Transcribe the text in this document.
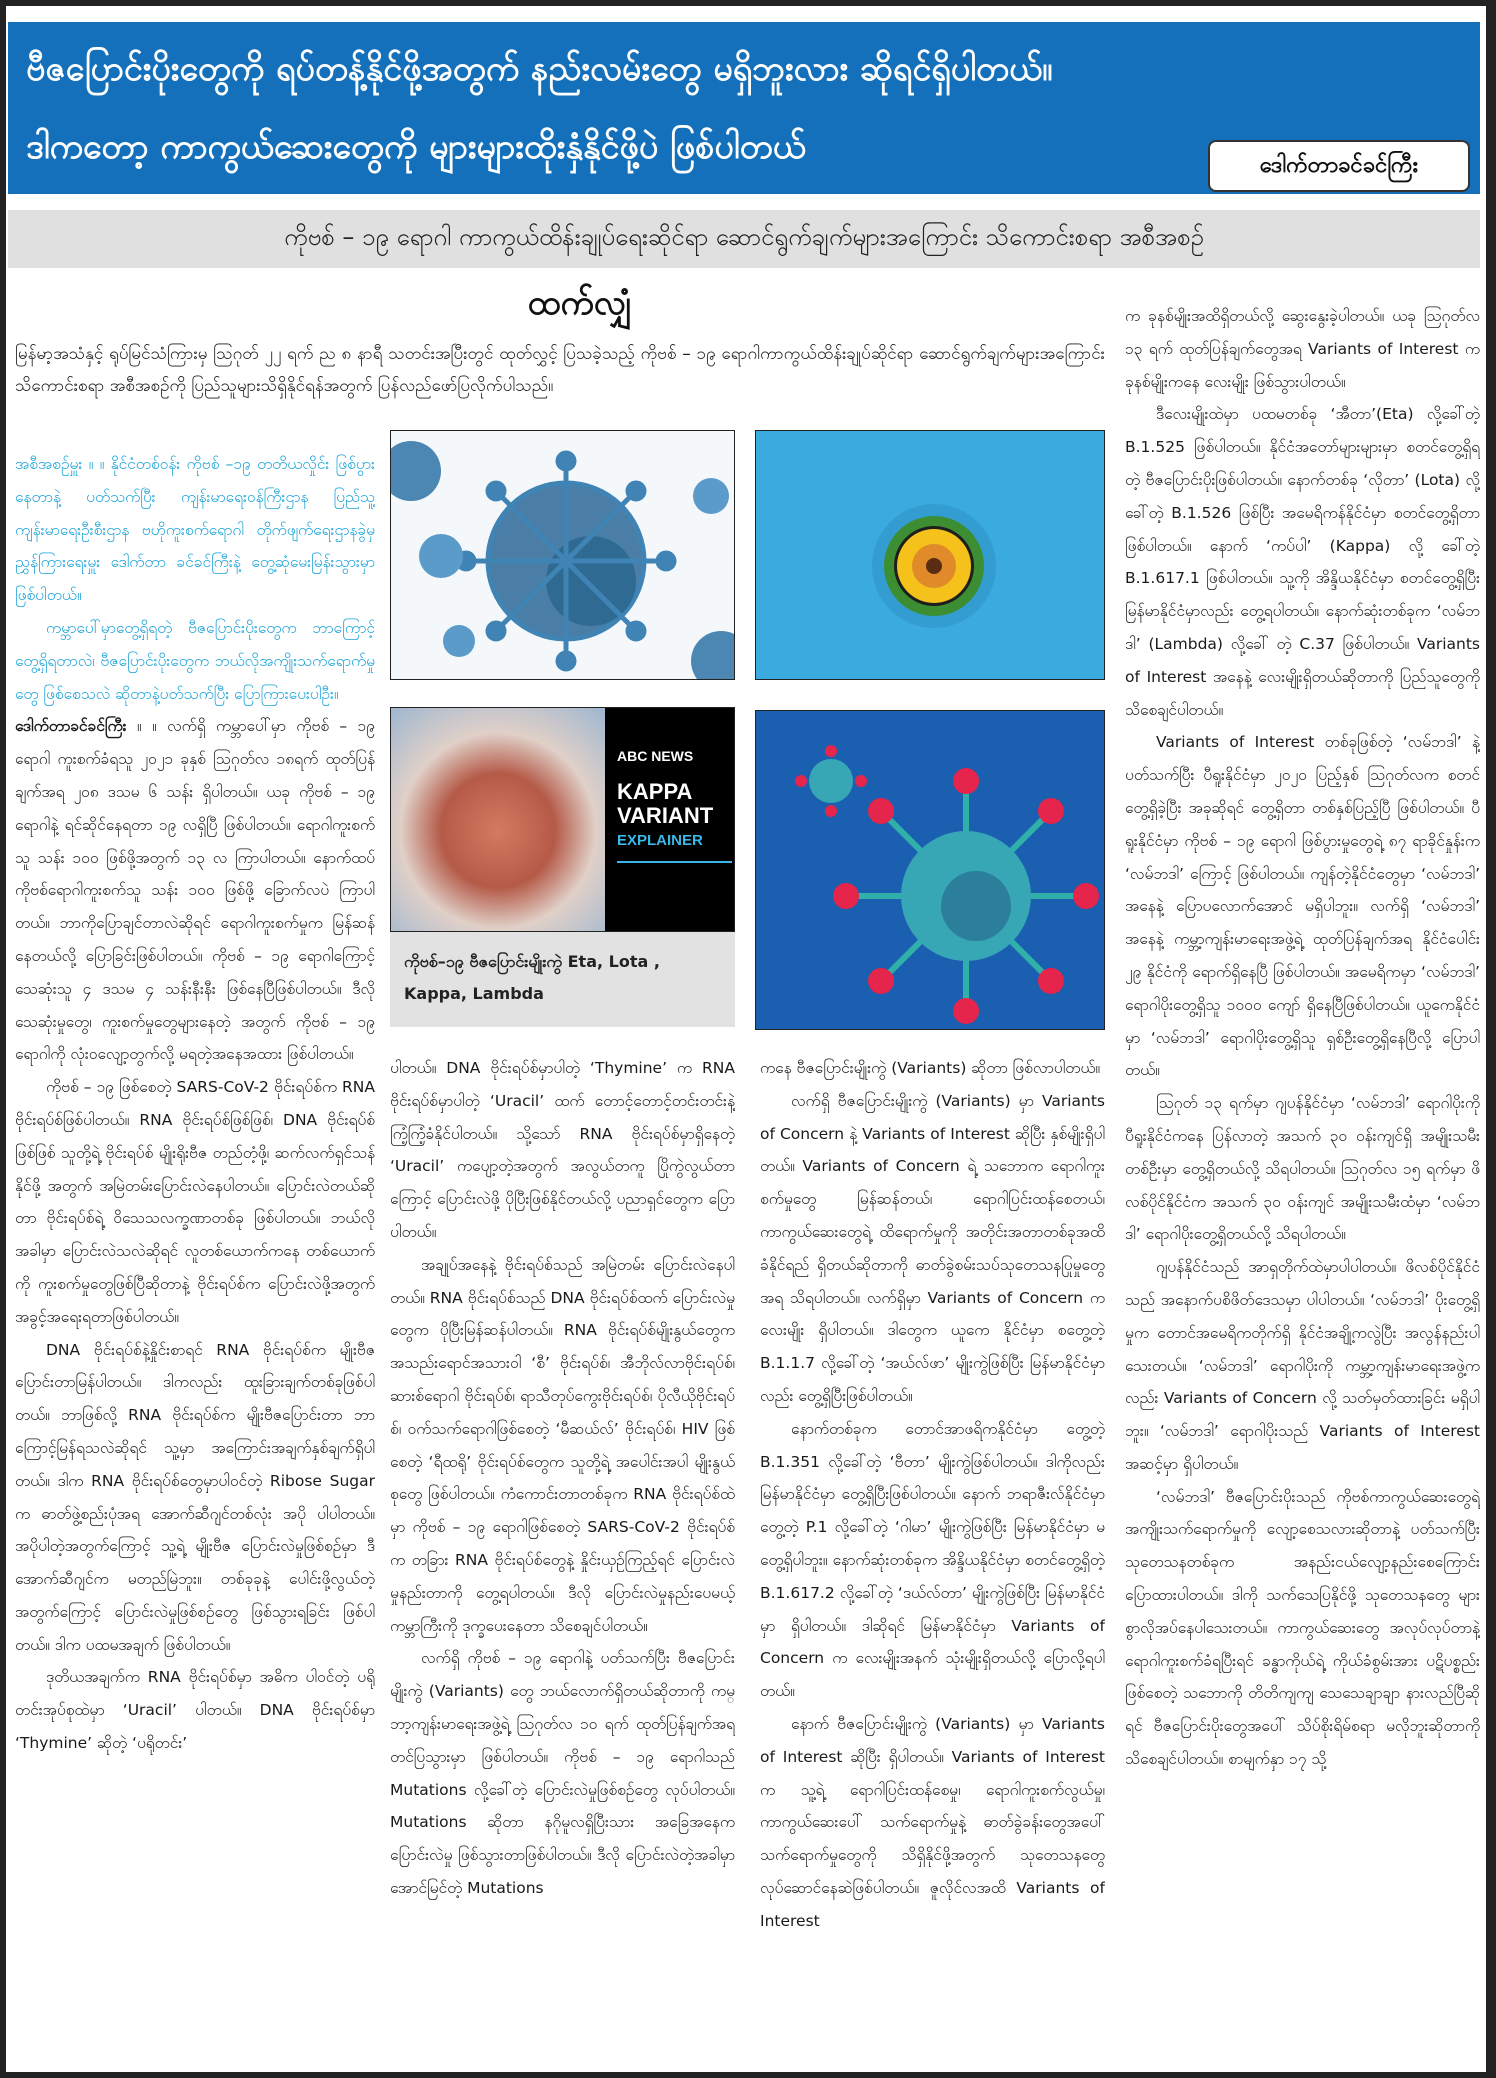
ဗီဇပြောင်းပိုးတွေကို ရပ်တန့်နိုင်ဖို့အတွက် နည်းလမ်းတွေ မရှိဘူးလား ဆိုရင်ရှိပါတယ်။
ဒါကတော့ ကာကွယ်ဆေးတွေကို များများထိုးနှံနိုင်ဖို့ပဲ ဖြစ်ပါတယ်	ဒေါက်တာခင်ခင်ကြီး
ကိုဗစ် – ၁၉ ရောဂါ ကာကွယ်ထိန်းချုပ်ရေးဆိုင်ရာ ဆောင်ရွက်ချက်များအကြောင်း သိကောင်းစရာ အစီအစဉ်
ထက်လျှံ
မြန်မာ့အသံနှင့် ရုပ်မြင်သံကြားမှ ဩဂုတ် ၂၂ ရက် ည ၈ နာရီ သတင်းအပြီးတွင် ထုတ်လွှင့် ပြသခဲ့သည့် ကိုဗစ် – ၁၉ ရောဂါကာကွယ်ထိန်းချုပ်ဆိုင်ရာ ဆောင်ရွက်ချက်များအကြောင်း သိကောင်းစရာ အစီအစဉ်ကို ပြည်သူများသိရှိနိုင်ရန်အတွက် ပြန်လည်ဖော်ပြလိုက်ပါသည်။

အစီအစဉ်မှူး ။ ။ နိုင်ငံတစ်ဝန်း ကိုဗစ် –၁၉ တတိယလှိုင်း ဖြစ်ပွားနေတာနဲ့ ပတ်သက်ပြီး ကျန်းမာရေးဝန်ကြီးဌာန ပြည်သူ့ကျန်းမာရေးဦးစီးဌာန ဗဟိုကူးစက်ရောဂါ တိုက်ဖျက်ရေးဌာနခွဲမှ ညွှန်ကြားရေးမှူး ဒေါက်တာ ခင်ခင်ကြီးနဲ့ တွေ့ဆုံမေးမြန်းသွားမှာ ဖြစ်ပါတယ်။

ကမ္ဘာပေါ်မှာတွေ့ရှိရတဲ့ ဗီဇပြောင်းပိုးတွေက ဘာကြောင့်တွေ့ရှိရတာလဲ၊ ဗီဇပြောင်းပိုးတွေက ဘယ်လိုအကျိုးသက်ရောက်မှုတွေ ဖြစ်စေသလဲ ဆိုတာနဲ့ပတ်သက်ပြီး ပြောကြားပေးပါဦး။

ဒေါက်တာခင်ခင်ကြီး ။ ။ လက်ရှိ ကမ္ဘာပေါ်မှာ ကိုဗစ် – ၁၉ ရောဂါ ကူးစက်ခံရသူ ၂၀၂၁ ခုနှစ် ဩဂုတ်လ ၁၈ရက် ထုတ်ပြန်ချက်အရ ၂၀၈ ဒသမ ၆ သန်း ရှိပါတယ်။ ယခု ကိုဗစ် – ၁၉ ရောဂါနဲ့ ရင်ဆိုင်နေရတာ ၁၉ လရှိပြီ ဖြစ်ပါတယ်။ ရောဂါကူးစက်သူ သန်း ၁၀၀ ဖြစ်ဖို့အတွက် ၁၃ လ ကြာပါတယ်။ နောက်ထပ် ကိုဗစ်ရောဂါကူးစက်သူ သန်း ၁၀၀ ဖြစ်ဖို့ ခြောက်လပဲ ကြာပါတယ်။ ဘာကိုပြောချင်တာလဲဆိုရင် ရောဂါကူးစက်မှုက မြန်ဆန်နေတယ်လို့ ပြောခြင်းဖြစ်ပါတယ်။ ကိုဗစ် – ၁၉ ရောဂါကြောင့် သေဆုံးသူ ၄ ဒသမ ၄ သန်းနီးနီး ဖြစ်နေပြီဖြစ်ပါတယ်။ ဒီလို သေဆုံးမှုတွေ၊ ကူးစက်မှုတွေများနေတဲ့ အတွက် ကိုဗစ် – ၁၉ ရောဂါကို လုံးဝလျော့တွက်လို့ မရတဲ့အနေအထား ဖြစ်ပါတယ်။

ကိုဗစ် – ၁၉ ဖြစ်စေတဲ့ SARS-CoV-2 ဗိုင်းရပ်စ်က RNA ဗိုင်းရပ်စ်ဖြစ်ပါတယ်။ RNA ဗိုင်းရပ်စ်ဖြစ်ဖြစ်၊ DNA ဗိုင်းရပ်စ်ဖြစ်ဖြစ် သူတို့ရဲ့ ဗိုင်းရပ်စ် မျိုးရိုးဗီဇ တည်တံ့ဖို့၊ ဆက်လက်ရှင်သန်နိုင်ဖို့ အတွက် အမြဲတမ်းပြောင်းလဲနေပါတယ်။ ပြောင်းလဲတယ်ဆိုတာ ဗိုင်းရပ်စ်ရဲ့ ဝိသေသလက္ခဏာတစ်ခု ဖြစ်ပါတယ်။ ဘယ်လိုအခါမှာ ပြောင်းလဲသလဲဆိုရင် လူတစ်ယောက်ကနေ တစ်ယောက်ကို ကူးစက်မှုတွေဖြစ်ပြီဆိုတာနဲ့ ဗိုင်းရပ်စ်က ပြောင်းလဲဖို့အတွက် အခွင့်အရေးရတာဖြစ်ပါတယ်။

DNA ဗိုင်းရပ်စ်နဲ့နှိုင်းစာရင် RNA ဗိုင်းရပ်စ်က မျိုးဗီဇပြောင်းတာမြန်ပါတယ်။ ဒါကလည်း ထူးခြားချက်တစ်ခုဖြစ်ပါတယ်။ ဘာဖြစ်လို့ RNA ဗိုင်းရပ်စ်က မျိုးဗီဇပြောင်းတာ ဘာကြောင့်မြန်ရသလဲဆိုရင် သူ့မှာ အကြောင်းအချက်နှစ်ချက်ရှိပါတယ်။ ဒါက RNA ဗိုင်းရပ်စ်တွေမှာပါဝင်တဲ့ Ribose Sugar က ဓာတ်ဖွဲ့စည်းပုံအရ အောက်ဆီဂျင်တစ်လုံး အပို ပါပါတယ်။ အပိုပါတဲ့အတွက်ကြောင့် သူ့ရဲ့ မျိုးဗီဇ ပြောင်းလဲမှုဖြစ်စဉ်မှာ ဒီအောက်ဆီဂျင်က မတည်မြဲဘူး။ တစ်ခုခုနဲ့ ပေါင်းဖို့လွယ်တဲ့အတွက်ကြောင့် ပြောင်းလဲမှုဖြစ်စဉ်တွေ ဖြစ်သွားရခြင်း ဖြစ်ပါတယ်။ ဒါက ပထမအချက် ဖြစ်ပါတယ်။

ဒုတိယအချက်က RNA ဗိုင်းရပ်စ်မှာ အဓိက ပါဝင်တဲ့ ပရိုတင်းအုပ်စုထဲမှာ ‘Uracil’ ပါတယ်။ DNA ဗိုင်းရပ်စ်မှာ ‘Thymine’ ဆိုတဲ့ ‘ပရိုတင်း’

ABC NEWS
KAPPA
VARIANT
EXPLAINER
ကိုဗစ်–၁၉ ဗီဇပြောင်းမျိုးကွဲ Eta, Lota , Kappa, Lambda

ပါတယ်။ DNA ဗိုင်းရပ်စ်မှာပါတဲ့ ‘Thymine’ က RNA ဗိုင်းရပ်စ်မှာပါတဲ့ ‘Uracil’ ထက် တောင့်တောင့်တင်းတင်းနဲ့ ကြံ့ကြံ့ခံနိုင်ပါတယ်။ သို့သော် RNA ဗိုင်းရပ်စ်မှာရှိနေတဲ့ ‘Uracil’ ကပျော့တဲ့အတွက် အလွယ်တကူ ပြိုကွဲလွယ်တာကြောင့် ပြောင်းလဲဖို့ ပိုပြီးဖြစ်နိုင်တယ်လို့ ပညာရှင်တွေက ပြောပါတယ်။

အချုပ်အနေနဲ့ ဗိုင်းရပ်စ်သည် အမြဲတမ်း ပြောင်းလဲနေပါတယ်။ RNA ဗိုင်းရပ်စ်သည် DNA ဗိုင်းရပ်စ်ထက် ပြောင်းလဲမှုတွေက ပိုပြီးမြန်ဆန်ပါတယ်။ RNA ဗိုင်းရပ်စ်မျိုးနွယ်တွေက အသည်းရောင်အသားဝါ ‘စီ’ ဗိုင်းရပ်စ်၊ အီဘိုလ်လာဗိုင်းရပ်စ်၊ ဆားစ်ရောဂါ ဗိုင်းရပ်စ်၊ ရာသီတုပ်ကွေးဗိုင်းရပ်စ်၊ ပိုလီယိုဗိုင်းရပ်စ်၊ ဝက်သက်ရောဂါဖြစ်စေတဲ့ ‘မီဆယ်လ်’ ဗိုင်းရပ်စ်၊ HIV ဖြစ်စေတဲ့ ‘ရီထရို’ ဗိုင်းရပ်စ်တွေက သူတို့ရဲ့ အပေါင်းအပါ မျိုးနွယ်စုတွေ ဖြစ်ပါတယ်။ ကံကောင်းတာတစ်ခုက RNA ဗိုင်းရပ်စ်ထဲမှာ ကိုဗစ် – ၁၉ ရောဂါဖြစ်စေတဲ့ SARS-CoV-2 ဗိုင်းရပ်စ်က တခြား RNA ဗိုင်းရပ်စ်တွေနဲ့ နှိုင်းယှဉ်ကြည့်ရင် ပြောင်းလဲမှုနည်းတာကို တွေ့ရပါတယ်။ ဒီလို ပြောင်းလဲမှုနည်းပေမယ့် ကမ္ဘာကြီးကို ဒုက္ခပေးနေတာ သိစေချင်ပါတယ်။

လက်ရှိ ကိုဗစ် – ၁၉ ရောဂါနဲ့ ပတ်သက်ပြီး ဗီဇပြောင်းမျိုးကွဲ (Variants) တွေ ဘယ်လောက်ရှိတယ်ဆိုတာကို ကမ္ဘာ့ကျန်းမာရေးအဖွဲ့ရဲ့ ဩဂုတ်လ ၁၀ ရက် ထုတ်ပြန်ချက်အရ တင်ပြသွားမှာ ဖြစ်ပါတယ်။ ကိုဗစ် – ၁၉ ရောဂါသည် Mutations လို့ခေါ်တဲ့ ပြောင်းလဲမှုဖြစ်စဉ်တွေ လုပ်ပါတယ်။ Mutations ဆိုတာ နဂိုမူလရှိပြီးသား အခြေအနေက ပြောင်းလဲမှု ဖြစ်သွားတာဖြစ်ပါတယ်။ ဒီလို ပြောင်းလဲတဲ့အခါမှာ အောင်မြင်တဲ့ Mutations

ကနေ ဗီဇပြောင်းမျိုးကွဲ (Variants) ဆိုတာ ဖြစ်လာပါတယ်။

လက်ရှိ ဗီဇပြောင်းမျိုးကွဲ (Variants) မှာ Variants of Concern နဲ့ Variants of Interest ဆိုပြီး နှစ်မျိုးရှိပါတယ်။ Variants of Concern ရဲ့ သဘောက ရောဂါကူးစက်မှုတွေ မြန်ဆန်တယ်၊ ရောဂါပြင်းထန်စေတယ်၊ ကာကွယ်ဆေးတွေရဲ့ ထိရောက်မှုကို အတိုင်းအတာတစ်ခုအထိ ခံနိုင်ရည် ရှိတယ်ဆိုတာကို ဓာတ်ခွဲစမ်းသပ်သုတေသနပြုမှုတွေအရ သိရပါတယ်။ လက်ရှိမှာ Variants of Concern က လေးမျိုး ရှိပါတယ်။ ဒါတွေက ယူကေ နိုင်ငံမှာ စတွေ့တဲ့ B.1.1.7 လို့ခေါ်တဲ့ ‘အယ်လ်ဖာ’ မျိုးကွဲဖြစ်ပြီး မြန်မာနိုင်ငံမှာလည်း တွေ့ရှိပြီးဖြစ်ပါတယ်။

နောက်တစ်ခုက တောင်အာဖရိကနိုင်ငံမှာ တွေ့တဲ့ B.1.351 လို့ခေါ်တဲ့ ‘ဗီတာ’ မျိုးကွဲဖြစ်ပါတယ်။ ဒါကိုလည်း မြန်မာနိုင်ငံမှာ တွေ့ရှိပြီးဖြစ်ပါတယ်။ နောက် ဘရာဇီးလ်နိုင်ငံမှာတွေ့တဲ့ P.1 လို့ခေါ်တဲ့ ‘ဂါမာ’ မျိုးကွဲဖြစ်ပြီး မြန်မာနိုင်ငံမှာ မတွေ့ရှိပါဘူး။ နောက်ဆုံးတစ်ခုက အိန္ဒိယနိုင်ငံမှာ စတင်တွေ့ရှိတဲ့ B.1.617.2 လို့ခေါ်တဲ့ ‘ဒယ်လ်တာ’ မျိုးကွဲဖြစ်ပြီး မြန်မာနိုင်ငံမှာ ရှိပါတယ်။ ဒါဆိုရင် မြန်မာနိုင်ငံမှာ Variants of Concern က လေးမျိုးအနက် သုံးမျိုးရှိတယ်လို့ ပြောလို့ရပါတယ်။

နောက် ဗီဇပြောင်းမျိုးကွဲ (Variants) မှာ Variants of Interest ဆိုပြီး ရှိပါတယ်။ Variants of Interest က သူ့ရဲ့ ရောဂါပြင်းထန်စေမှု၊ ရောဂါကူးစက်လွယ်မှု၊ ကာကွယ်ဆေးပေါ် သက်ရောက်မှုနဲ့ ဓာတ်ခွဲခန်းတွေအပေါ် သက်ရောက်မှုတွေကို သိရှိနိုင်ဖို့အတွက် သုတေသနတွေ လုပ်ဆောင်နေဆဲဖြစ်ပါတယ်။ ဇူလိုင်လအထိ Variants of Interest

က ခုနစ်မျိုးအထိရှိတယ်လို့ ဆွေးနွေးခဲ့ပါတယ်။ ယခု ဩဂုတ်လ ၁၃ ရက် ထုတ်ပြန်ချက်တွေအရ Variants of Interest က ခုနစ်မျိုးကနေ လေးမျိုး ဖြစ်သွားပါတယ်။

ဒီလေးမျိုးထဲမှာ ပထမတစ်ခု ‘အီတာ’(Eta) လို့ခေါ်တဲ့ B.1.525 ဖြစ်ပါတယ်။ နိုင်ငံအတော်များများမှာ စတင်တွေ့ရှိရတဲ့ ဗီဇပြောင်းပိုးဖြစ်ပါတယ်။ နောက်တစ်ခု ‘လိုတာ’ (Lota) လို့ခေါ်တဲ့ B.1.526 ဖြစ်ပြီး အမေရိကန်နိုင်ငံမှာ စတင်တွေ့ရှိတာ ဖြစ်ပါတယ်။ နောက် ‘ကပ်ပါ’ (Kappa) လို့ ခေါ်တဲ့ B.1.617.1 ဖြစ်ပါတယ်။ သူ့ကို အိန္ဒိယနိုင်ငံမှာ စတင်တွေ့ရှိပြီး မြန်မာနိုင်ငံမှာလည်း တွေ့ရပါတယ်။ နောက်ဆုံးတစ်ခုက ‘လမ်ဘဒါ’ (Lambda) လို့ခေါ် တဲ့ C.37 ဖြစ်ပါတယ်။ Variants of Interest အနေနဲ့ လေးမျိုးရှိတယ်ဆိုတာကို ပြည်သူတွေကို သိစေချင်ပါတယ်။

Variants of Interest တစ်ခုဖြစ်တဲ့ ‘လမ်ဘဒါ’ နဲ့ပတ်သက်ပြီး ပီရူးနိုင်ငံမှာ ၂၀၂၀ ပြည့်နှစ် ဩဂုတ်လက စတင်တွေ့ရှိခဲ့ပြီး အခုဆိုရင် တွေ့ရှိတာ တစ်နှစ်ပြည့်ပြီ ဖြစ်ပါတယ်။ ပီရူးနိုင်ငံမှာ ကိုဗစ် – ၁၉ ရောဂါ ဖြစ်ပွားမှုတွေရဲ့ ၈၇ ရာခိုင်နှုန်းက ‘လမ်ဘဒါ’ ကြောင့် ဖြစ်ပါတယ်။ ကျန်တဲ့နိုင်ငံတွေမှာ ‘လမ်ဘဒါ’ အနေနဲ့ ပြောပလောက်အောင် မရှိပါဘူး။ လက်ရှိ ‘လမ်ဘဒါ’ အနေနဲ့ ကမ္ဘာ့ကျန်းမာရေးအဖွဲ့ရဲ့ ထုတ်ပြန်ချက်အရ နိုင်ငံပေါင်း ၂၉ နိုင်ငံကို ရောက်ရှိနေပြီ ဖြစ်ပါတယ်။ အမေရိကမှာ ‘လမ်ဘဒါ’ ရောဂါပိုးတွေ့ရှိသူ ၁၀၀၀ ကျော် ရှိနေပြီဖြစ်ပါတယ်။ ယူကေနိုင်ငံမှာ ‘လမ်ဘဒါ’ ရောဂါပိုးတွေ့ရှိသူ ရှစ်ဦးတွေ့ရှိနေပြီလို့ ပြောပါတယ်။

ဩဂုတ် ၁၃ ရက်မှာ ဂျပန်နိုင်ငံမှာ ‘လမ်ဘဒါ’ ရောဂါပိုးကို ပီရူးနိုင်ငံကနေ ပြန်လာတဲ့ အသက် ၃၀ ဝန်းကျင်ရှိ အမျိုးသမီးတစ်ဦးမှာ တွေ့ရှိတယ်လို့ သိရပါတယ်။ ဩဂုတ်လ ၁၅ ရက်မှာ ဖိလစ်ပိုင်နိုင်ငံက အသက် ၃၀ ဝန်းကျင် အမျိုးသမီးထံမှာ ‘လမ်ဘဒါ’ ရောဂါပိုးတွေ့ရှိတယ်လို့ သိရပါတယ်။

ဂျပန်နိုင်ငံသည် အာရှတိုက်ထဲမှာပါပါတယ်။ ဖိလစ်ပိုင်နိုင်ငံသည် အနောက်ပစိဖိတ်ဒေသမှာ ပါပါတယ်။ ‘လမ်ဘဒါ’ ပိုးတွေ့ရှိမှုက တောင်အမေရိကတိုက်ရှိ နိုင်ငံအချို့ကလွဲပြီး အလွန်နည်းပါသေးတယ်။ ‘လမ်ဘဒါ’ ရောဂါပိုးကို ကမ္ဘာ့ကျန်းမာရေးအဖွဲ့ကလည်း Variants of Concern လို့ သတ်မှတ်ထားခြင်း မရှိပါဘူး။ ‘လမ်ဘဒါ’ ရောဂါပိုးသည် Variants of Interest အဆင့်မှာ ရှိပါတယ်။

‘လမ်ဘဒါ’ ဗီဇပြောင်းပိုးသည် ကိုဗစ်ကာကွယ်ဆေးတွေရဲ့ အကျိုးသက်ရောက်မှုကို လျော့စေသလားဆိုတာနဲ့ ပတ်သက်ပြီး သုတေသနတစ်ခုက အနည်းငယ်လျော့နည်းစေကြောင်း ပြောထားပါတယ်။ ဒါကို သက်သေပြနိုင်ဖို့ သုတေသနတွေ များစွာလိုအပ်နေပါသေးတယ်။ ကာကွယ်ဆေးတွေ အလုပ်လုပ်တာနဲ့ ရောဂါကူးစက်ခံရပြီးရင် ခန္ဓာကိုယ်ရဲ့ ကိုယ်ခံစွမ်းအား ပဋိပစ္စည်းဖြစ်စေတဲ့ သဘောကို တိတိကျကျ သေသေချာချာ နားလည်ပြီဆိုရင် ဗီဇပြောင်းပိုးတွေအပေါ် သိပ်စိုးရိမ်စရာ မလိုဘူးဆိုတာကို သိစေချင်ပါတယ်။ စာမျက်နှာ ၁၇ သို့
